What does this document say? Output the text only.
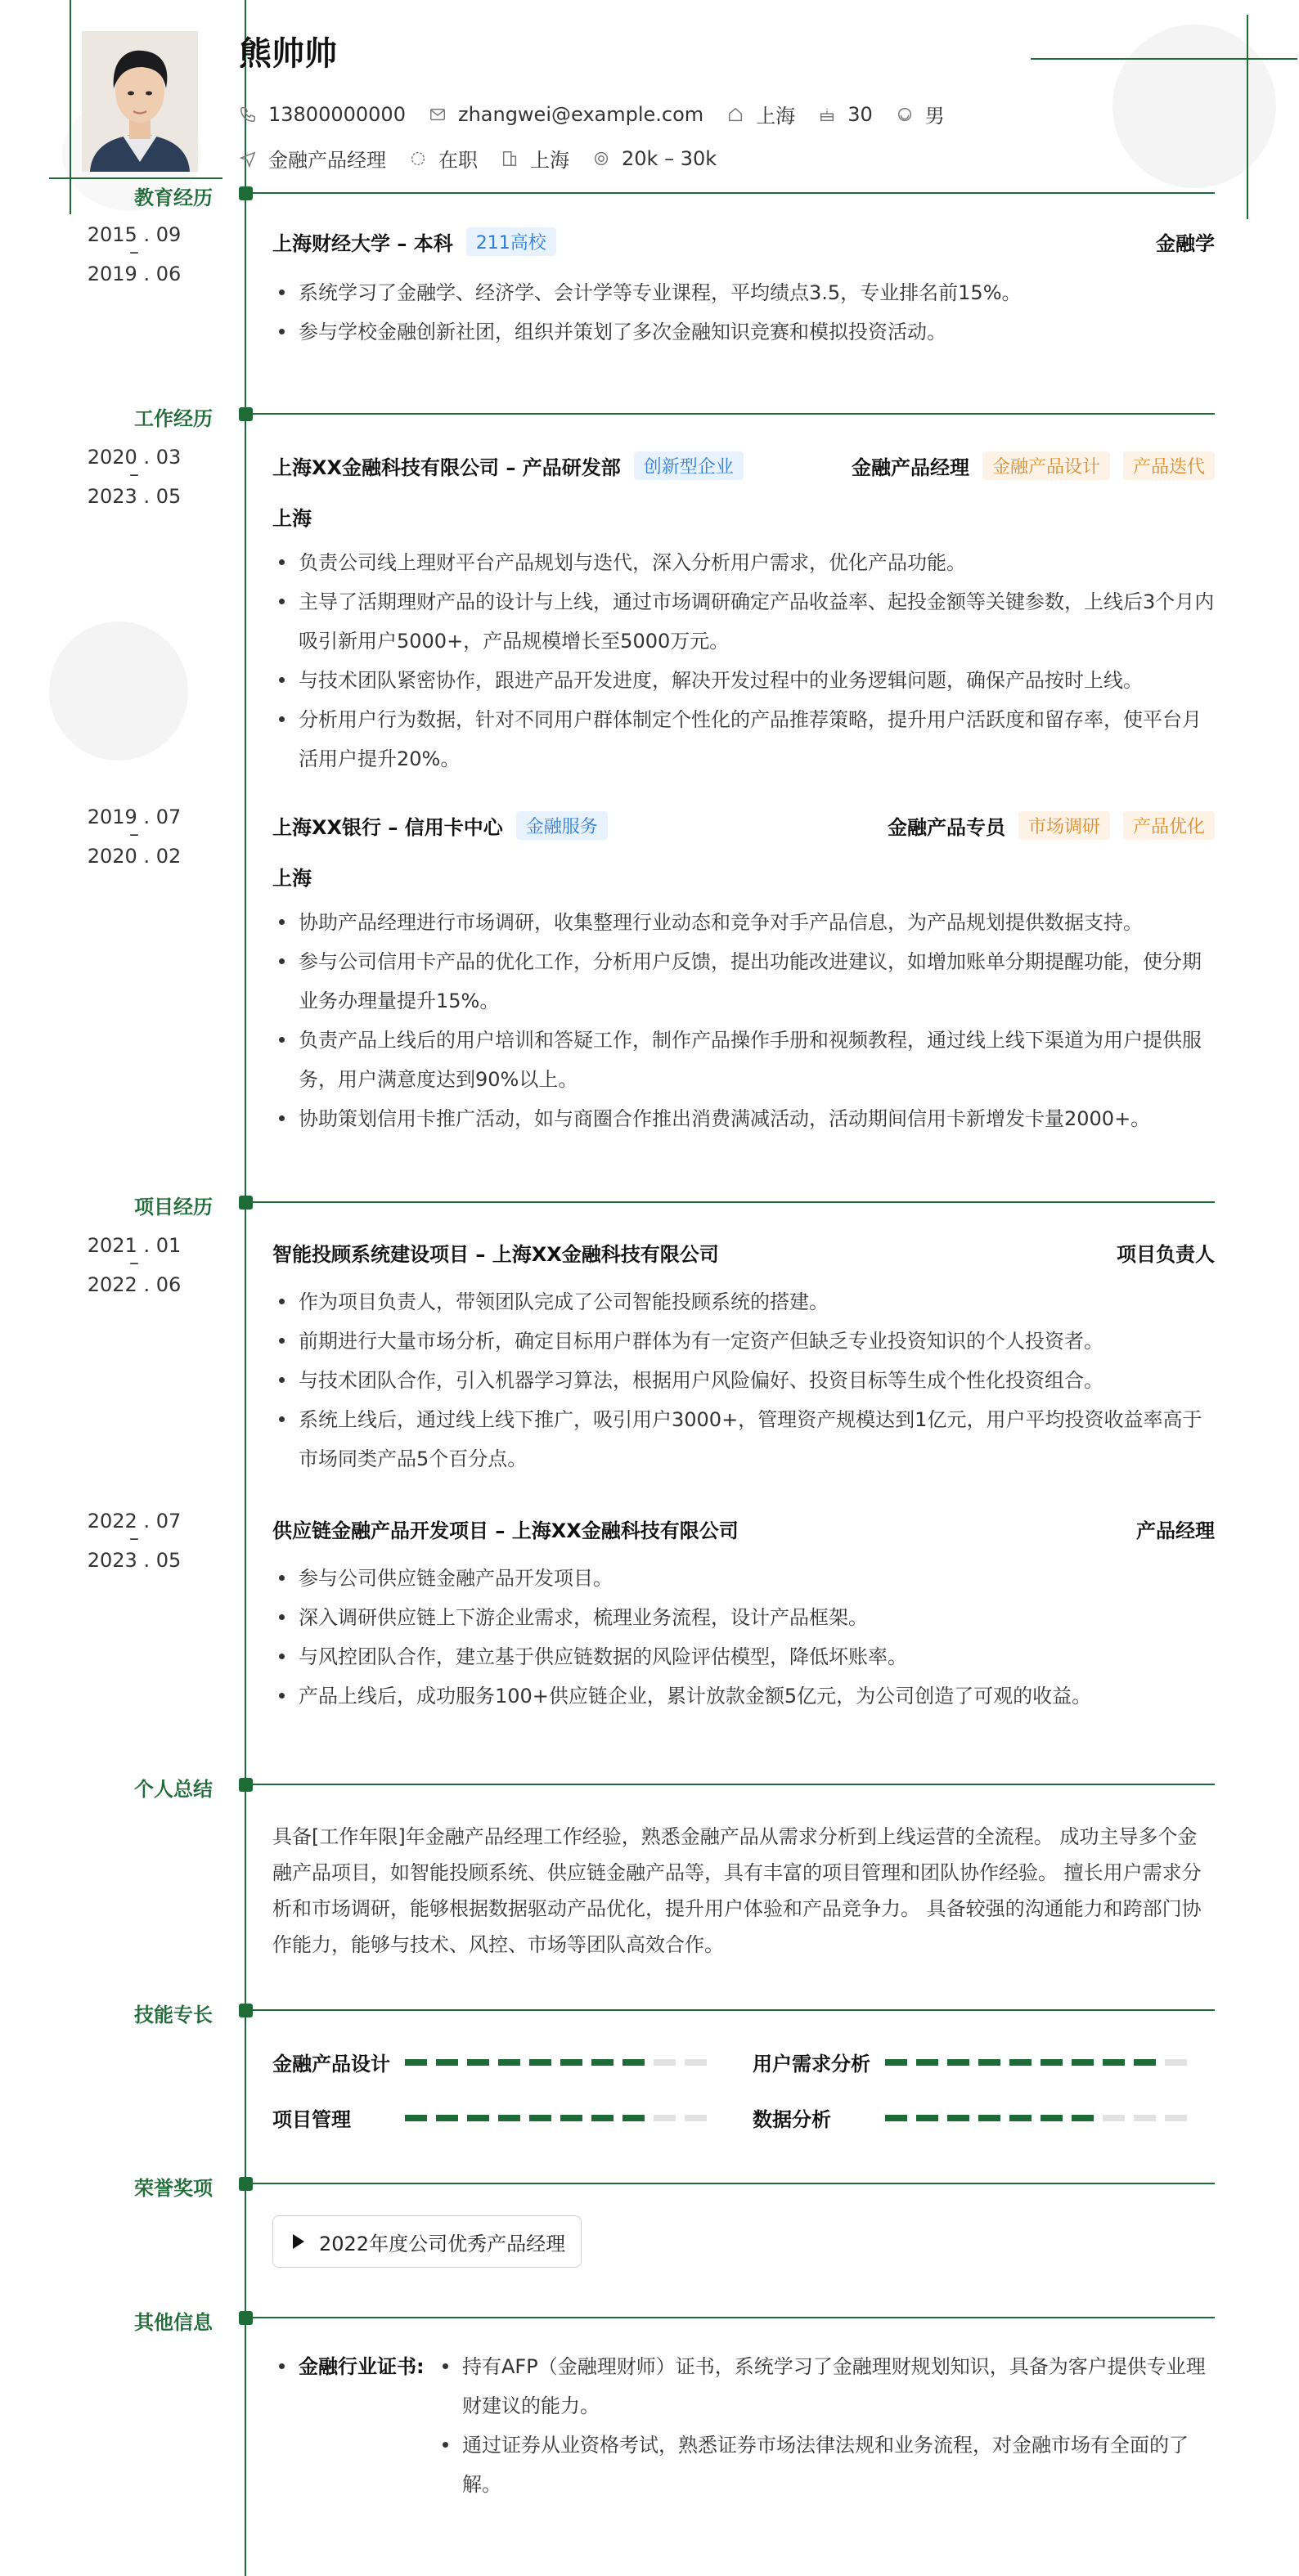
熊帅帅
13800000000	zhangwei@example.com	上海	30	男
金融产品经理	在职	上海	20k – 30k
教育经历
2015 . 09
–
2019 . 06
上海财经大学 – 本科	211高校	金融学
系统学习了金融学、经济学、会计学等专业课程，平均绩点3.5，专业排名前15%。
参与学校金融创新社团，组织并策划了多次金融知识竞赛和模拟投资活动。
工作经历
2020 . 03
–
2023 . 05
上海XX金融科技有限公司 – 产品研发部	创新型企业	金融产品经理	金融产品设计	产品迭代
上海
负责公司线上理财平台产品规划与迭代，深入分析用户需求，优化产品功能。
主导了活期理财产品的设计与上线，通过市场调研确定产品收益率、起投金额等关键参数，上线后3个月内吸引新用户5000+，产品规模增长至5000万元。
与技术团队紧密协作，跟进产品开发进度，解决开发过程中的业务逻辑问题，确保产品按时上线。
分析用户行为数据，针对不同用户群体制定个性化的产品推荐策略，提升用户活跃度和留存率，使平台月活用户提升20%。
2019 . 07
–
2020 . 02
上海XX银行 – 信用卡中心	金融服务	金融产品专员	市场调研	产品优化
上海
协助产品经理进行市场调研，收集整理行业动态和竞争对手产品信息，为产品规划提供数据支持。
参与公司信用卡产品的优化工作，分析用户反馈，提出功能改进建议，如增加账单分期提醒功能，使分期业务办理量提升15%。
负责产品上线后的用户培训和答疑工作，制作产品操作手册和视频教程，通过线上线下渠道为用户提供服务，用户满意度达到90%以上。
协助策划信用卡推广活动，如与商圈合作推出消费满减活动，活动期间信用卡新增发卡量2000+。
项目经历
2021 . 01
–
2022 . 06
智能投顾系统建设项目 – 上海XX金融科技有限公司	项目负责人
作为项目负责人，带领团队完成了公司智能投顾系统的搭建。
前期进行大量市场分析，确定目标用户群体为有一定资产但缺乏专业投资知识的个人投资者。
与技术团队合作，引入机器学习算法，根据用户风险偏好、投资目标等生成个性化投资组合。
系统上线后，通过线上线下推广，吸引用户3000+，管理资产规模达到1亿元，用户平均投资收益率高于市场同类产品5个百分点。
2022 . 07
–
2023 . 05
供应链金融产品开发项目 – 上海XX金融科技有限公司	产品经理
参与公司供应链金融产品开发项目。
深入调研供应链上下游企业需求，梳理业务流程，设计产品框架。
与风控团队合作，建立基于供应链数据的风险评估模型，降低坏账率。
产品上线后，成功服务100+供应链企业，累计放款金额5亿元，为公司创造了可观的收益。
个人总结
具备[工作年限]年金融产品经理工作经验，熟悉金融产品从需求分析到上线运营的全流程。 成功主导多个金融产品项目，如智能投顾系统、供应链金融产品等，具有丰富的项目管理和团队协作经验。 擅长用户需求分析和市场调研，能够根据数据驱动产品优化，提升用户体验和产品竞争力。 具备较强的沟通能力和跨部门协作能力，能够与技术、风控、市场等团队高效合作。
技能专长
金融产品设计	用户需求分析
项目管理	数据分析
荣誉奖项
2022年度公司优秀产品经理
其他信息
金融行业证书:	持有AFP（金融理财师）证书，系统学习了金融理财规划知识，具备为客户提供专业理财建议的能力。
通过证券从业资格考试，熟悉证券市场法律法规和业务流程，对金融市场有全面的了解。
